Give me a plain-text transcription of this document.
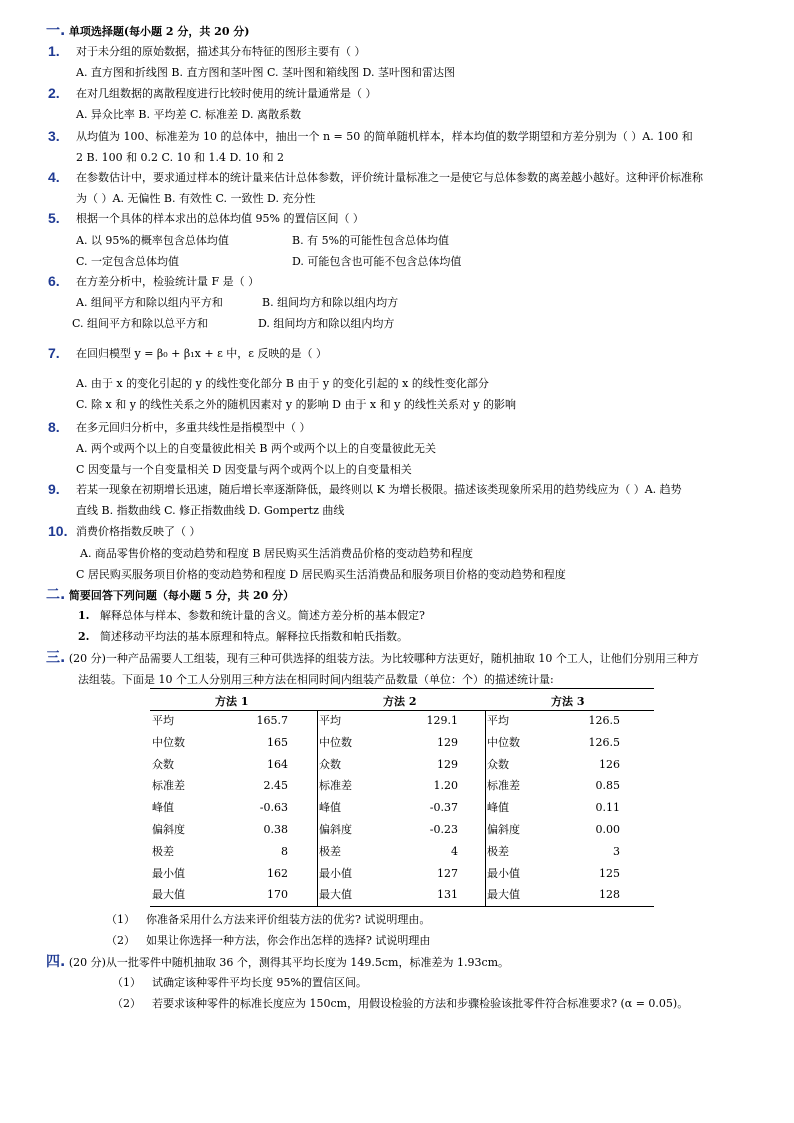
一. 单项选择题(每小题 2 分，共 20 分)
1. 对于未分组的原始数据，描述其分布特征的图形主要有（ ）
A. 直方图和折线图 B. 直方图和茎叶图 C. 茎叶图和箱线图 D. 茎叶图和雷达图
2. 在对几组数据的离散程度进行比较时使用的统计量通常是（ ）
A. 异众比率 B. 平均差 C. 标准差 D. 离散系数
3. 从均值为 100、标准差为 10 的总体中，抽出一个 n = 50 的简单随机样本，样本均值的数学期望和方差分别为（ ）A. 100 和
2 B. 100 和 0.2 C. 10 和 1.4 D. 10 和 2
4. 在参数估计中，要求通过样本的统计量来估计总体参数，评价统计量标准之一是使它与总体参数的离差越小越好。这种评价标准称
为（ ）A. 无偏性 B. 有效性 C. 一致性 D. 充分性
5. 根据一个具体的样本求出的总体均值 95% 的置信区间（ ）
A. 以 95%的概率包含总体均值	B. 有 5%的可能性包含总体均值
C. 一定包含总体均值	D. 可能包含也可能不包含总体均值
6. 在方差分析中，检验统计量 F 是（ ）
A. 组间平方和除以组内平方和	B. 组间均方和除以组内均方
C. 组间平方和除以总平方和	D. 组间均方和除以组内均方
7. 在回归模型 y = β₀ + β₁x + ε 中，ε 反映的是（ ）
A. 由于 x 的变化引起的 y 的线性变化部分 B 由于 y 的变化引起的 x 的线性变化部分
C. 除 x 和 y 的线性关系之外的随机因素对 y 的影响 D 由于 x 和 y 的线性关系对 y 的影响
8. 在多元回归分析中，多重共线性是指模型中（ ）
A. 两个或两个以上的自变量彼此相关 B 两个或两个以上的自变量彼此无关
C 因变量与一个自变量相关 D 因变量与两个或两个以上的自变量相关
9. 若某一现象在初期增长迅速，随后增长率逐渐降低，最终则以 K 为增长极限。描述该类现象所采用的趋势线应为（ ）A. 趋势
直线 B. 指数曲线 C. 修正指数曲线 D. Gompertz 曲线
10. 消费价格指数反映了（ ）
A. 商品零售价格的变动趋势和程度 B 居民购买生活消费品价格的变动趋势和程度
C 居民购买服务项目价格的变动趋势和程度 D 居民购买生活消费品和服务项目价格的变动趋势和程度
二. 简要回答下列问题（每小题 5 分，共 20 分）
1. 解释总体与样本、参数和统计量的含义。简述方差分析的基本假定?
2. 简述移动平均法的基本原理和特点。解释拉氏指数和帕氏指数。
三. (20 分)一种产品需要人工组装，现有三种可供选择的组装方法。为比较哪种方法更好，随机抽取 10 个工人，让他们分别用三种方
法组装。下面是 10 个工人分别用三种方法在相同时间内组装产品数量（单位：个）的描述统计量:
方法 1	方法 2	方法 3
平均	165.7	平均	129.1	平均	126.5
中位数	165	中位数	129	中位数	126.5
众数	164	众数	129	众数	126
标准差	2.45	标准差	1.20	标准差	0.85
峰值	-0.63	峰值	-0.37	峰值	0.11
偏斜度	0.38	偏斜度	-0.23	偏斜度	0.00
极差	8	极差	4	极差	3
最小值	162	最小值	127	最小值	125
最大值	170	最大值	131	最大值	128
（1） 你准备采用什么方法来评价组装方法的优劣? 试说明理由。
（2） 如果让你选择一种方法，你会作出怎样的选择? 试说明理由
四. (20 分)从一批零件中随机抽取 36 个，测得其平均长度为 149.5cm，标准差为 1.93cm。
（1） 试确定该种零件平均长度 95%的置信区间。
（2） 若要求该种零件的标准长度应为 150cm，用假设检验的方法和步骤检验该批零件符合标准要求? (α = 0.05)。
